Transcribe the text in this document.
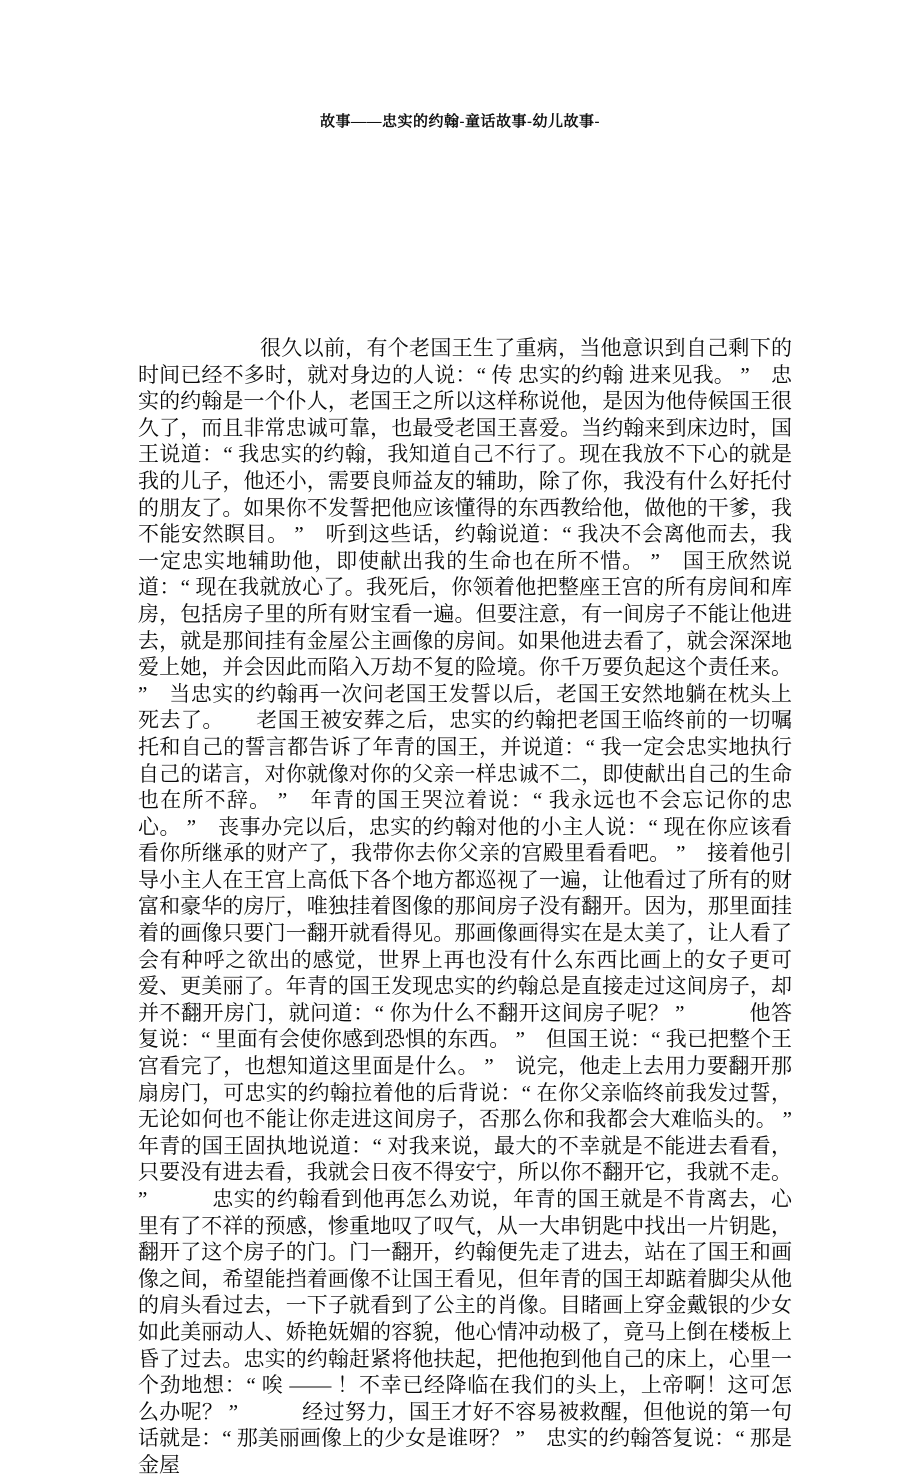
故事——忠实的约翰-童话故事-幼儿故事-

很久以前，有个老国王生了重病，当他意识到自己剩下的时间已经不多时，就对身边的人说：“ 传 忠实的约翰 进来见我。 ”　忠实的约翰是一个仆人，老国王之所以这样称说他，是因为他侍候国王很久了，而且非常忠诚可靠，也最受老国王喜爱。当约翰来到床边时，国王说道：“ 我忠实的约翰，我知道自己不行了。现在我放不下心的就是我的儿子，他还小，需要良师益友的辅助，除了你，我没有什么好托付的朋友了。如果你不发誓把他应该懂得的东西教给他，做他的干爹，我不能安然瞑目。 ”　听到这些话，约翰说道：“ 我决不会离他而去，我一定忠实地辅助他，即使献出我的生命也在所不惜。 ”　国王欣然说道：“ 现在我就放心了。我死后，你领着他把整座王宫的所有房间和库房，包括房子里的所有财宝看一遍。但要注意，有一间房子不能让他进去，就是那间挂有金屋公主画像的房间。如果他进去看了，就会深深地爱上她，并会因此而陷入万劫不复的险境。你千万要负起这个责任来。 ”　当忠实的约翰再一次问老国王发誓以后，老国王安然地躺在枕头上死去了。　　老国王被安葬之后，忠实的约翰把老国王临终前的一切嘱托和自己的誓言都告诉了年青的国王，并说道：“ 我一定会忠实地执行自己的诺言，对你就像对你的父亲一样忠诚不二，即使献出自己的生命也在所不辞。 ”　年青的国王哭泣着说：“ 我永远也不会忘记你的忠心。 ”　丧事办完以后，忠实的约翰对他的小主人说：“ 现在你应该看看你所继承的财产了，我带你去你父亲的宫殿里看看吧。 ”　接着他引导小主人在王宫上高低下各个地方都巡视了一遍，让他看过了所有的财富和豪华的房厅，唯独挂着图像的那间房子没有翻开。因为，那里面挂着的画像只要门一翻开就看得见。那画像画得实在是太美了，让人看了会有种呼之欲出的感觉，世界上再也没有什么东西比画上的女子更可爱、更美丽了。年青的国王发现忠实的约翰总是直接走过这间房子，却并不翻开房门，就问道：“ 你为什么不翻开这间房子呢？ ”　　　他答复说：“ 里面有会使你感到恐惧的东西。 ”　但国王说：“ 我已把整个王宫看完了，也想知道这里面是什么。 ”　说完，他走上去用力要翻开那扇房门，可忠实的约翰拉着他的后背说：“ 在你父亲临终前我发过誓，无论如何也不能让你走进这间房子，否那么你和我都会大难临头的。 ”　年青的国王固执地说道：“ 对我来说，最大的不幸就是不能进去看看，只要没有进去看，我就会日夜不得安宁，所以你不翻开它，我就不走。 ”　　　忠实的约翰看到他再怎么劝说，年青的国王就是不肯离去，心里有了不祥的预感，惨重地叹了叹气，从一大串钥匙中找出一片钥匙，翻开了这个房子的门。门一翻开，约翰便先走了进去，站在了国王和画像之间，希望能挡着画像不让国王看见，但年青的国王却踮着脚尖从他的肩头看过去，一下子就看到了公主的肖像。目睹画上穿金戴银的少女如此美丽动人、娇艳妩媚的容貌，他心情冲动极了，竟马上倒在楼板上昏了过去。忠实的约翰赶紧将他扶起，把他抱到他自己的床上，心里一个劲地想：“ 唉 —— ！不幸已经降临在我们的头上，上帝啊！这可怎么办呢？ ”　　　经过努力，国王才好不容易被救醒，但他说的第一句话就是：“ 那美丽画像上的少女是谁呀？ ”　忠实的约翰答复说：“ 那是金屋
